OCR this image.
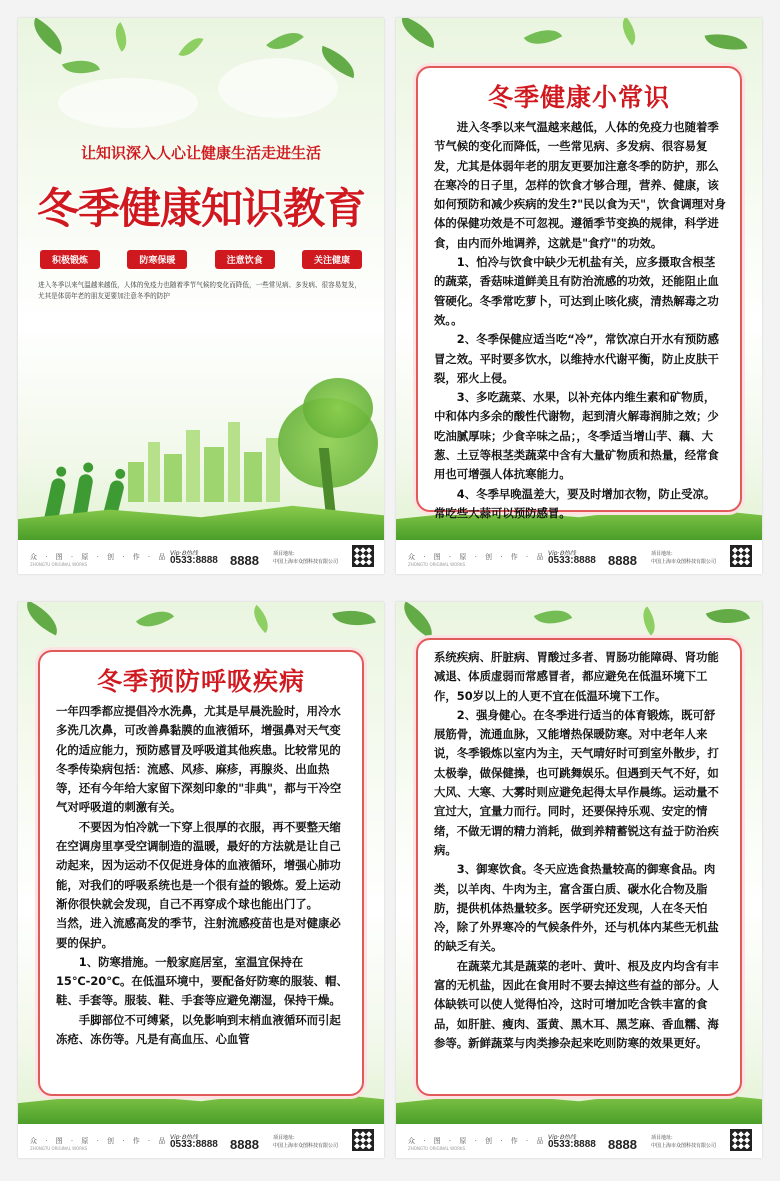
让知识深入人心让健康生活走进生活
冬季健康知识教育
积极锻炼	防寒保暖	注意饮食	关注健康
进入冬季以来气温越来越低，人体的免疫力也随着季节气候的变化而降低，一些常见病、多发病、很容易复发，尤其是体弱年老的朋友更要加注意冬季的防护
众 · 图 · 原 · 创 · 作 · 品
ZHONGTU ORIGINAL WORKS
Vip·Ꞝ热线
0533:8888 8888	项目地址:
中国上海市众图科技有限公司
冬季健康小常识

进入冬季以来气温越来越低，人体的免疫力也随着季节气候的变化而降低，一些常见病、多发病、很容易复发，尤其是体弱年老的朋友更要加注意冬季的防护，那么在寒冷的日子里，怎样的饮食才够合理，营养、健康，该如何预防和减少疾病的发生?"民以食为天"，饮食调理对身体的保健功效是不可忽视。遵循季节变换的规律，科学进食，由内而外地调养，这就是"食疗"的功效。

1、怕冷与饮食中缺少无机盐有关，应多摄取含根茎的蔬菜，香菇味道鲜美且有防治流感的功效，还能阻止血管硬化。冬季常吃萝卜，可达到止咳化痰，清热解毒之功效。。

2、冬季保健应适当吃“冷”，常饮凉白开水有预防感冒之效。平时要多饮水，以维持水代谢平衡，防止皮肤干裂，邪火上侵。

3、多吃蔬菜、水果，以补充体内维生素和矿物质，中和体内多余的酸性代谢物，起到清火解毒润肺之效；少吃油腻厚味；少食辛味之品；，冬季适当增山芋、藕、大葱、土豆等根茎类蔬菜中含有大量矿物质和热量，经常食用也可增强人体抗寒能力。

4、冬季早晚温差大，要及时增加衣物，防止受凉。常吃些大蒜可以预防感冒。

众 · 图 · 原 · 创 · 作 · 品
ZHONGTU ORIGINAL WORKS
Vip·Ꞝ热线
0533:8888 8888	项目地址:
中国上海市众图科技有限公司
冬季预防呼吸疾病

一年四季都应提倡冷水洗鼻，尤其是早晨洗脸时，用冷水多洗几次鼻，可改善鼻黏膜的血液循环，增强鼻对天气变化的适应能力，预防感冒及呼吸道其他疾患。比较常见的冬季传染病包括：流感、风疹、麻疹，再腺炎、出血热等，还有今年给大家留下深刻印象的"非典"，都与干冷空气对呼吸道的刺激有关。

不要因为怕冷就一下穿上很厚的衣服，再不要整天缩在空调房里享受空调制造的温暖，最好的方法就是让自己动起来，因为运动不仅促进身体的血液循环，增强心肺功能，对我们的呼吸系统也是一个很有益的锻炼。爱上运动渐你很快就会发现，自己不再穿成个球也能出门了。

当然，进入流感高发的季节，注射流感疫苗也是对健康必要的保护。

1、防寒措施。一般家庭居室，室温宜保持在15℃-20℃。在低温环境中，要配备好防寒的服装、帽、鞋、手套等。服装、鞋、手套等应避免潮湿，保持干燥。

手脚部位不可缚紧，以免影响到末梢血液循环而引起冻疮、冻伤等。凡是有高血压、心血管

众 · 图 · 原 · 创 · 作 · 品
ZHONGTU ORIGINAL WORKS
Vip·Ꞝ热线
0533:8888 8888	项目地址:
中国上海市众图科技有限公司

系统疾病、肝脏病、胃酸过多者、胃肠功能障碍、肾功能减退、体质虚弱而常感冒者，都应避免在低温环境下工作，50岁以上的人更不宜在低温环境下工作。

2、强身健心。在冬季进行适当的体育锻炼，既可舒展筋骨，流通血脉，又能增热保暖防寒。对中老年人来说，冬季锻炼以室内为主，天气晴好时可到室外散步，打太极拳，做保健操，也可跳舞娱乐。但遇到天气不好，如大风、大寒、大雾时则应避免起得太早作晨练。运动量不宜过大，宜量力而行。同时，还要保持乐观、安定的情绪，不做无谓的精力消耗，做到养精蓄锐这有益于防治疾病。

3、御寒饮食。冬天应选食热量较高的御寒食品。肉类，以羊肉、牛肉为主，富含蛋白质、碳水化合物及脂肪，提供机体热量较多。医学研究还发现，人在冬天怕冷，除了外界寒冷的气候条件外，还与机体内某些无机盐的缺乏有关。

在蔬菜尤其是蔬菜的老叶、黄叶、根及皮内均含有丰富的无机盐，因此在食用时不要去掉这些有益的部分。人体缺铁可以使人觉得怕冷，这时可增加吃含铁丰富的食品，如肝脏、瘦肉、蛋黄、黑木耳、黑芝麻、香血糯、海参等。新鲜蔬菜与肉类掺杂起来吃则防寒的效果更好。

众 · 图 · 原 · 创 · 作 · 品
ZHONGTU ORIGINAL WORKS
Vip·Ꞝ热线
0533:8888 8888	项目地址:
中国上海市众图科技有限公司
